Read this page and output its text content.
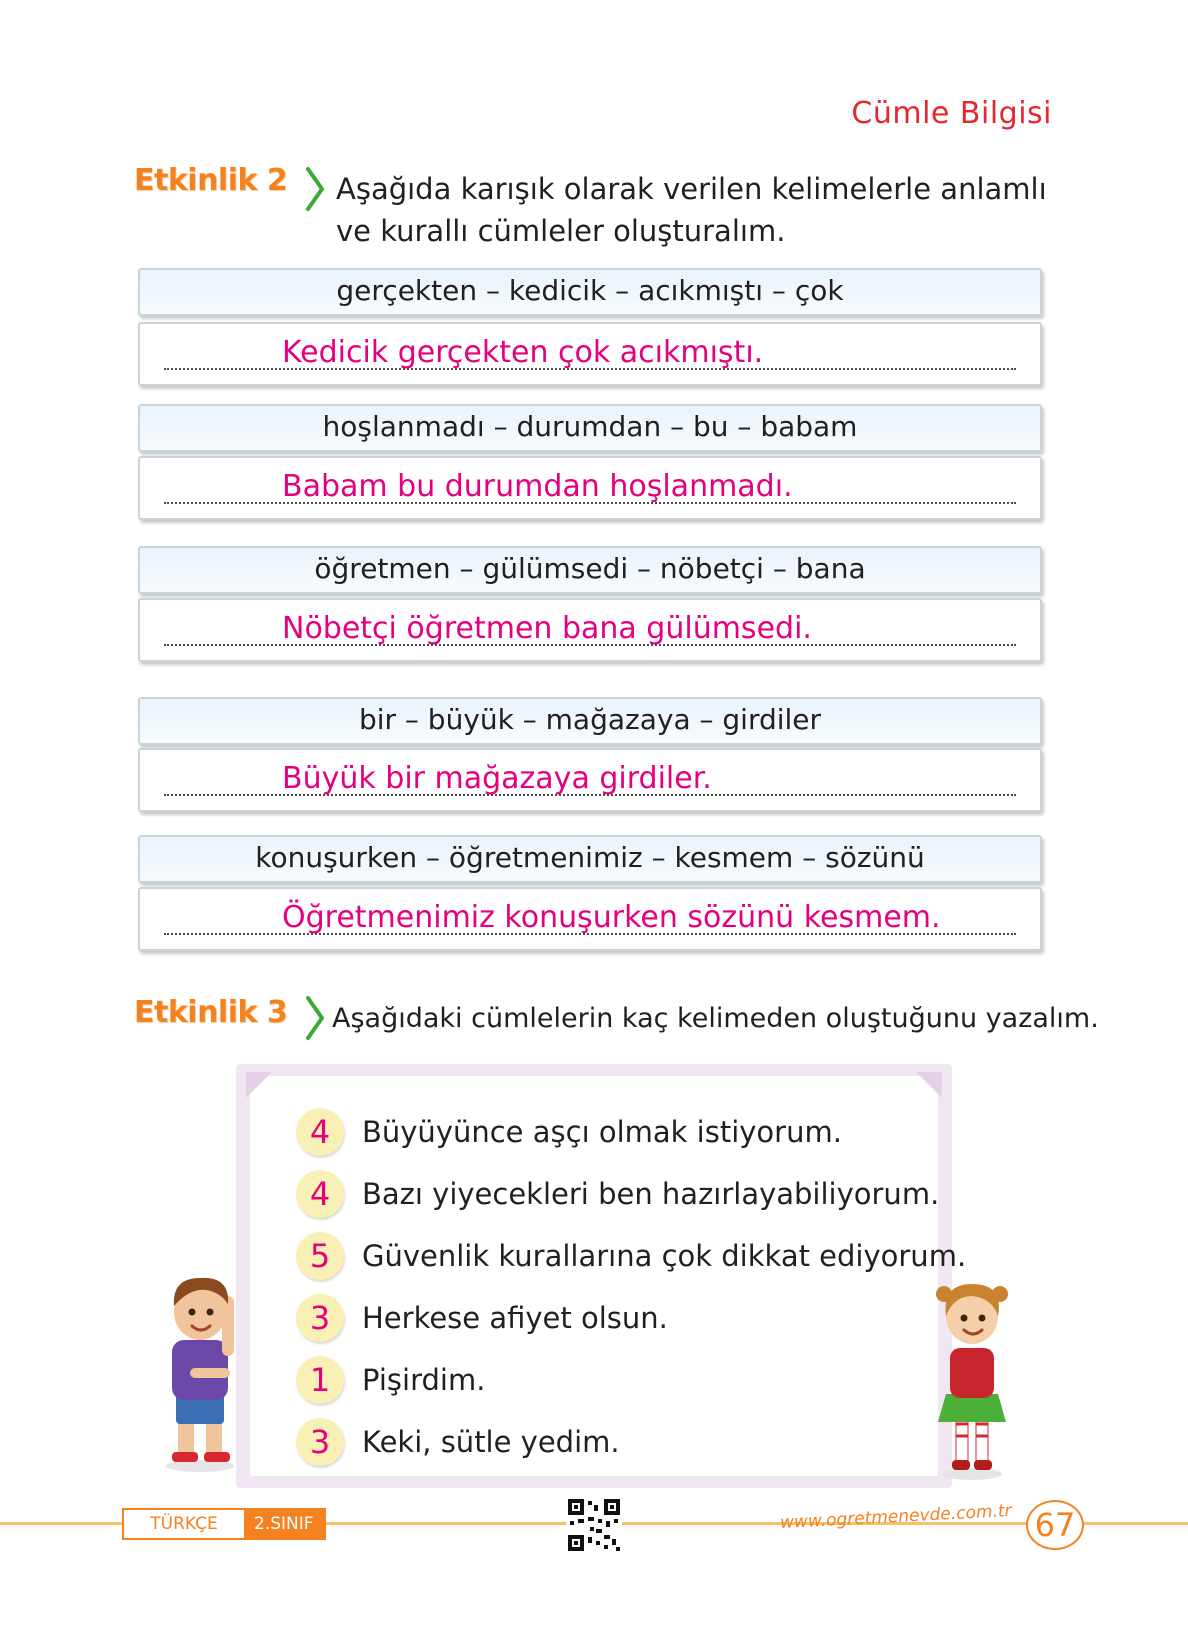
Cümle Bilgisi
Etkinlik 2 Aşağıda karışık olarak verilen kelimelerle anlamlı
ve kurallı cümleler oluşturalım.
gerçekten – kedicik – acıkmıştı – çok
Kedicik gerçekten çok acıkmıştı.
hoşlanmadı – durumdan – bu – babam
Babam bu durumdan hoşlanmadı.
öğretmen – gülümsedi – nöbetçi – bana
Nöbetçi öğretmen bana gülümsedi.
bir – büyük – mağazaya – girdiler
Büyük bir mağazaya girdiler.
konuşurken – öğretmenimiz – kesmem – sözünü
Öğretmenimiz konuşurken sözünü kesmem.
Etkinlik 3 Aşağıdaki cümlelerin kaç kelimeden oluştuğunu yazalım.
4	Büyüyünce aşçı olmak istiyorum.
4	Bazı yiyecekleri ben hazırlayabiliyorum.
5	Güvenlik kurallarına çok dikkat ediyorum.
3	Herkese afiyet olsun.
1	Pişirdim.
3	Keki, sütle yedim.
TÜRKÇE	2.SINIF	www.ogretmenevde.com.tr 67
